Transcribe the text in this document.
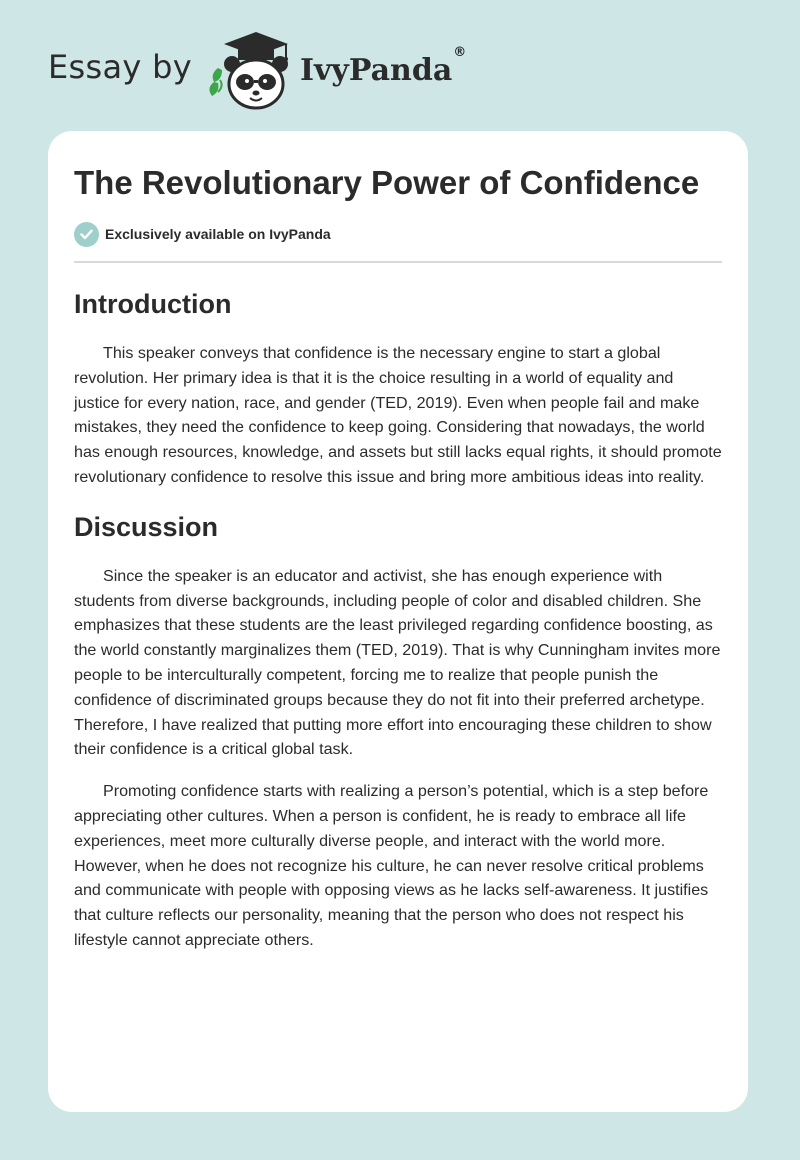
Essay by	IvyPanda®
The Revolutionary Power of Confidence
Exclusively available on IvyPanda
Introduction

This speaker conveys that confidence is the necessary engine to start a global revolution. Her primary idea is that it is the choice resulting in a world of equality and justice for every nation, race, and gender (TED, 2019). Even when people fail and make mistakes, they need the confidence to keep going. Considering that nowadays, the world has enough resources, knowledge, and assets but still lacks equal rights, it should promote revolutionary confidence to resolve this issue and bring more ambitious ideas into reality.

Discussion

Since the speaker is an educator and activist, she has enough experience with students from diverse backgrounds, including people of color and disabled children. She emphasizes that these students are the least privileged regarding confidence boosting, as the world constantly marginalizes them (TED, 2019). That is why Cunningham invites more people to be interculturally competent, forcing me to realize that people punish the confidence of discriminated groups because they do not fit into their preferred archetype. Therefore, I have realized that putting more effort into encouraging these children to show their confidence is a critical global task.

Promoting confidence starts with realizing a person’s potential, which is a step before appreciating other cultures. When a person is confident, he is ready to embrace all life experiences, meet more culturally diverse people, and interact with the world more. However, when he does not recognize his culture, he can never resolve critical problems and communicate with people with opposing views as he lacks self-awareness. It justifies that culture reflects our personality, meaning that the person who does not respect his lifestyle cannot appreciate others.
